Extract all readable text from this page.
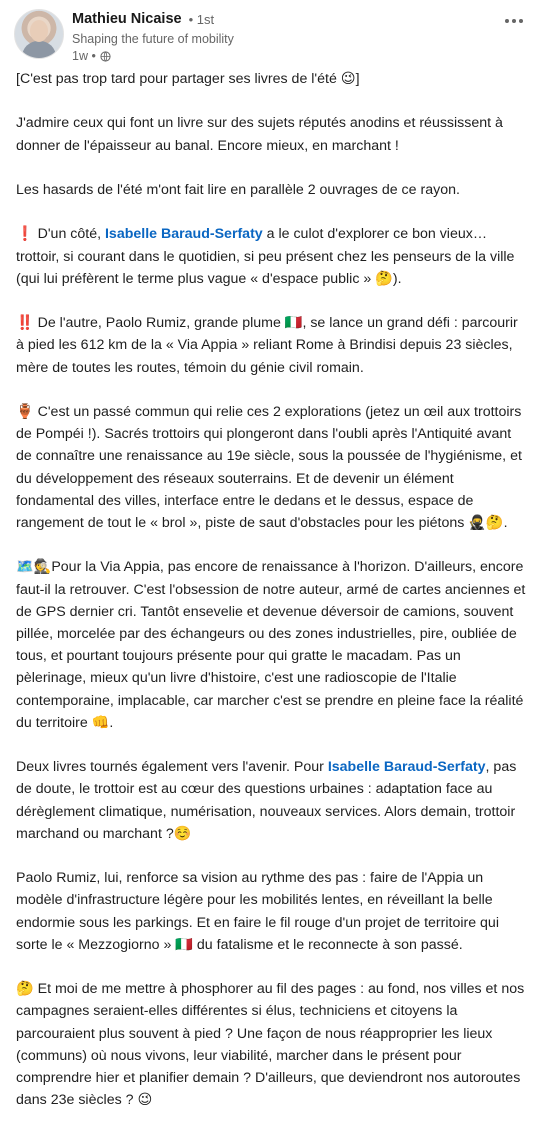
Mathieu Nicaise • 1st
Shaping the future of mobility
1w •

[C'est pas trop tard pour partager ses livres de l'été 😉]

J'admire ceux qui font un livre sur des sujets réputés anodins et réussissent à donner de l'épaisseur au banal. Encore mieux, en marchant !

Les hasards de l'été m'ont fait lire en parallèle 2 ouvrages de ce rayon.

❗ D'un côté, Isabelle Baraud-Serfaty a le culot d'explorer ce bon vieux… trottoir, si courant dans le quotidien, si peu présent chez les penseurs de la ville (qui lui préfèrent le terme plus vague « d'espace public » 🤔).

‼️ De l'autre, Paolo Rumiz, grande plume 🇮🇹, se lance un grand défi : parcourir à pied les 612 km de la « Via Appia » reliant Rome à Brindisi depuis 23 siècles, mère de toutes les routes, témoin du génie civil romain.

🏺 C'est un passé commun qui relie ces 2 explorations (jetez un œil aux trottoirs de Pompéi !). Sacrés trottoirs qui plongeront dans l'oubli après l'Antiquité avant de connaître une renaissance au 19e siècle, sous la poussée de l'hygiénisme, et du développement des réseaux souterrains. Et de devenir un élément fondamental des villes, interface entre le dedans et le dessus, espace de rangement de tout le « brol », piste de saut d'obstacles pour les piétons 🥷🤔.

🗺️🕵️Pour la Via Appia, pas encore de renaissance à l'horizon. D'ailleurs, encore faut-il la retrouver. C'est l'obsession de notre auteur, armé de cartes anciennes et de GPS dernier cri. Tantôt ensevelie et devenue déversoir de camions, souvent pillée, morcelée par des échangeurs ou des zones industrielles, pire, oubliée de tous, et pourtant toujours présente pour qui gratte le macadam. Pas un pèlerinage, mieux qu'un livre d'histoire, c'est une radioscopie de l'Italie contemporaine, implacable, car marcher c'est se prendre en pleine face la réalité du territoire 👊.

Deux livres tournés également vers l'avenir. Pour Isabelle Baraud-Serfaty, pas de doute, le trottoir est au cœur des questions urbaines : adaptation face au dérèglement climatique, numérisation, nouveaux services. Alors demain, trottoir marchand ou marchant ?☺️

Paolo Rumiz, lui, renforce sa vision au rythme des pas : faire de l'Appia un modèle d'infrastructure légère pour les mobilités lentes, en réveillant la belle endormie sous les parkings. Et en faire le fil rouge d'un projet de territoire qui sorte le « Mezzogiorno » 🇮🇹 du fatalisme et le reconnecte à son passé.

🤔 Et moi de me mettre à phosphorer au fil des pages : au fond, nos villes et nos campagnes seraient-elles différentes si élus, techniciens et citoyens la parcouraient plus souvent à pied ? Une façon de nous réapproprier les lieux (communs) où nous vivons, leur viabilité, marcher dans le présent pour comprendre hier et planifier demain ? D'ailleurs, que deviendront nos autoroutes dans 23e siècles ? 😉
